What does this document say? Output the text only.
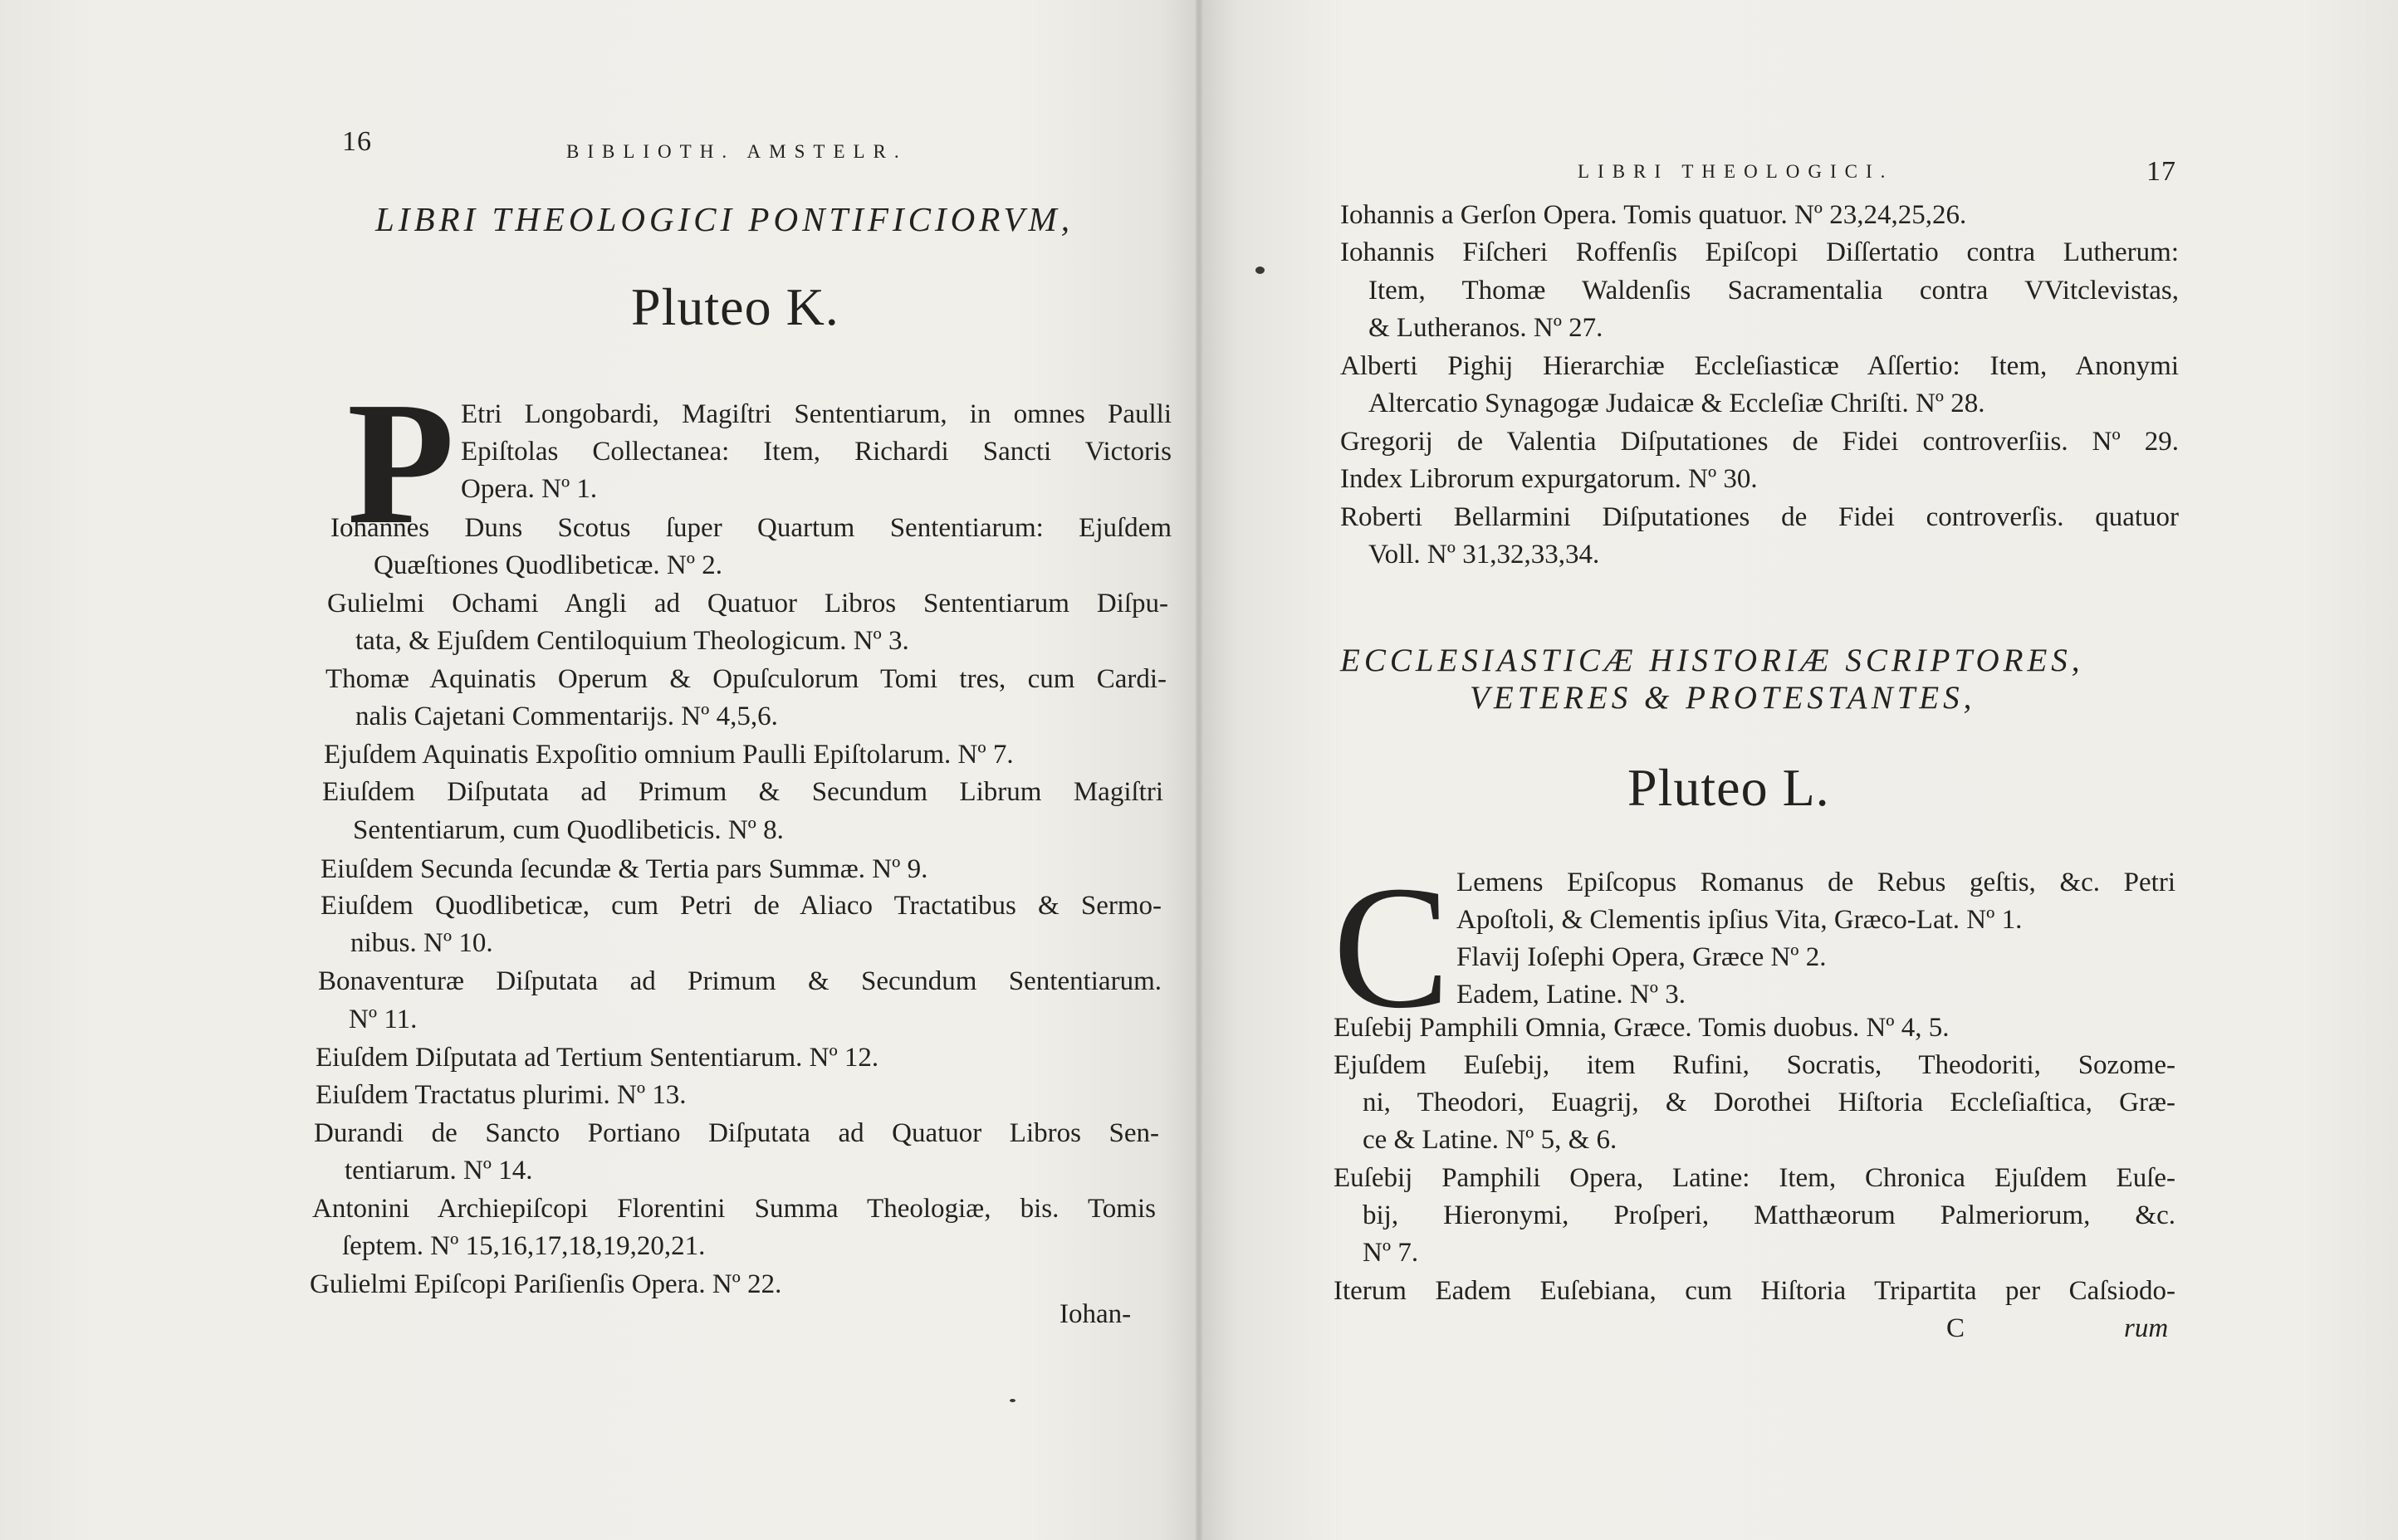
16	BIBLIOTH. AMSTELR.
LIBRI THEOLOGICI PONTIFICIORVM,
Pluteo K.
P Etri Longobardi, Magiſtri Sententiarum, in omnes Paulli
Epiſtolas Collectanea: Item, Richardi Sancti Victoris
Opera. Nº 1.
Iohannes Duns Scotus ſuper Quartum Sententiarum: Ejuſdem
Quæſtiones Quodlibeticæ. Nº 2.
Gulielmi Ochami Angli ad Quatuor Libros Sententiarum Diſpu-
tata, & Ejuſdem Centiloquium Theologicum. Nº 3.
Thomæ Aquinatis Operum & Opuſculorum Tomi tres, cum Cardi-
nalis Cajetani Commentarijs. Nº 4,5,6.
Ejuſdem Aquinatis Expoſitio omnium Paulli Epiſtolarum. Nº 7.
Eiuſdem Diſputata ad Primum & Secundum Librum Magiſtri
Sententiarum, cum Quodlibeticis. Nº 8.
Eiuſdem Secunda ſecundæ & Tertia pars Summæ. Nº 9.
Eiuſdem Quodlibeticæ, cum Petri de Aliaco Tractatibus & Sermo-
nibus. Nº 10.
Bonaventuræ Diſputata ad Primum & Secundum Sententiarum.
Nº 11.
Eiuſdem Diſputata ad Tertium Sententiarum. Nº 12.
Eiuſdem Tractatus plurimi. Nº 13.
Durandi de Sancto Portiano Diſputata ad Quatuor Libros Sen-
tentiarum. Nº 14.
Antonini Archiepiſcopi Florentini Summa Theologiæ, bis. Tomis
ſeptem. Nº 15,16,17,18,19,20,21.
Gulielmi Epiſcopi Pariſienſis Opera. Nº 22.
Iohan-
LIBRI THEOLOGICI.	17
Iohannis a Gerſon Opera. Tomis quatuor. Nº 23,24,25,26.
Iohannis Fiſcheri Roffenſis Epiſcopi Diſſertatio contra Lutherum:
Item, Thomæ Waldenſis Sacramentalia contra VVitclevistas,
& Lutheranos. Nº 27.
Alberti Pighij Hierarchiæ Eccleſiasticæ Aſſertio: Item, Anonymi
Altercatio Synagogæ Judaicæ & Eccleſiæ Chriſti. Nº 28.
Gregorij de Valentia Diſputationes de Fidei controverſiis. Nº 29.
Index Librorum expurgatorum. Nº 30.
Roberti Bellarmini Diſputationes de Fidei controverſis. quatuor
Voll. Nº 31,32,33,34.
ECCLESIASTICÆ HISTORIÆ SCRIPTORES,
VETERES & PROTESTANTES,
Pluteo L.
C Lemens Epiſcopus Romanus de Rebus geſtis, &c. Petri
Apoſtoli, & Clementis ipſius Vita, Græco-Lat. Nº 1.
Flavij Ioſephi Opera, Græce Nº 2.
Eadem, Latine. Nº 3.
Euſebij Pamphili Omnia, Græce. Tomis duobus. Nº 4, 5.
Ejuſdem Euſebij, item Rufini, Socratis, Theodoriti, Sozome-
ni, Theodori, Euagrij, & Dorothei Hiſtoria Eccleſiaſtica, Græ-
ce & Latine. Nº 5, & 6.
Euſebij Pamphili Opera, Latine: Item, Chronica Ejuſdem Euſe-
bij, Hieronymi, Proſperi, Matthæorum Palmeriorum, &c.
Nº 7.
Iterum Eadem Euſebiana, cum Hiſtoria Tripartita per Caſsiodo-
C	rum
